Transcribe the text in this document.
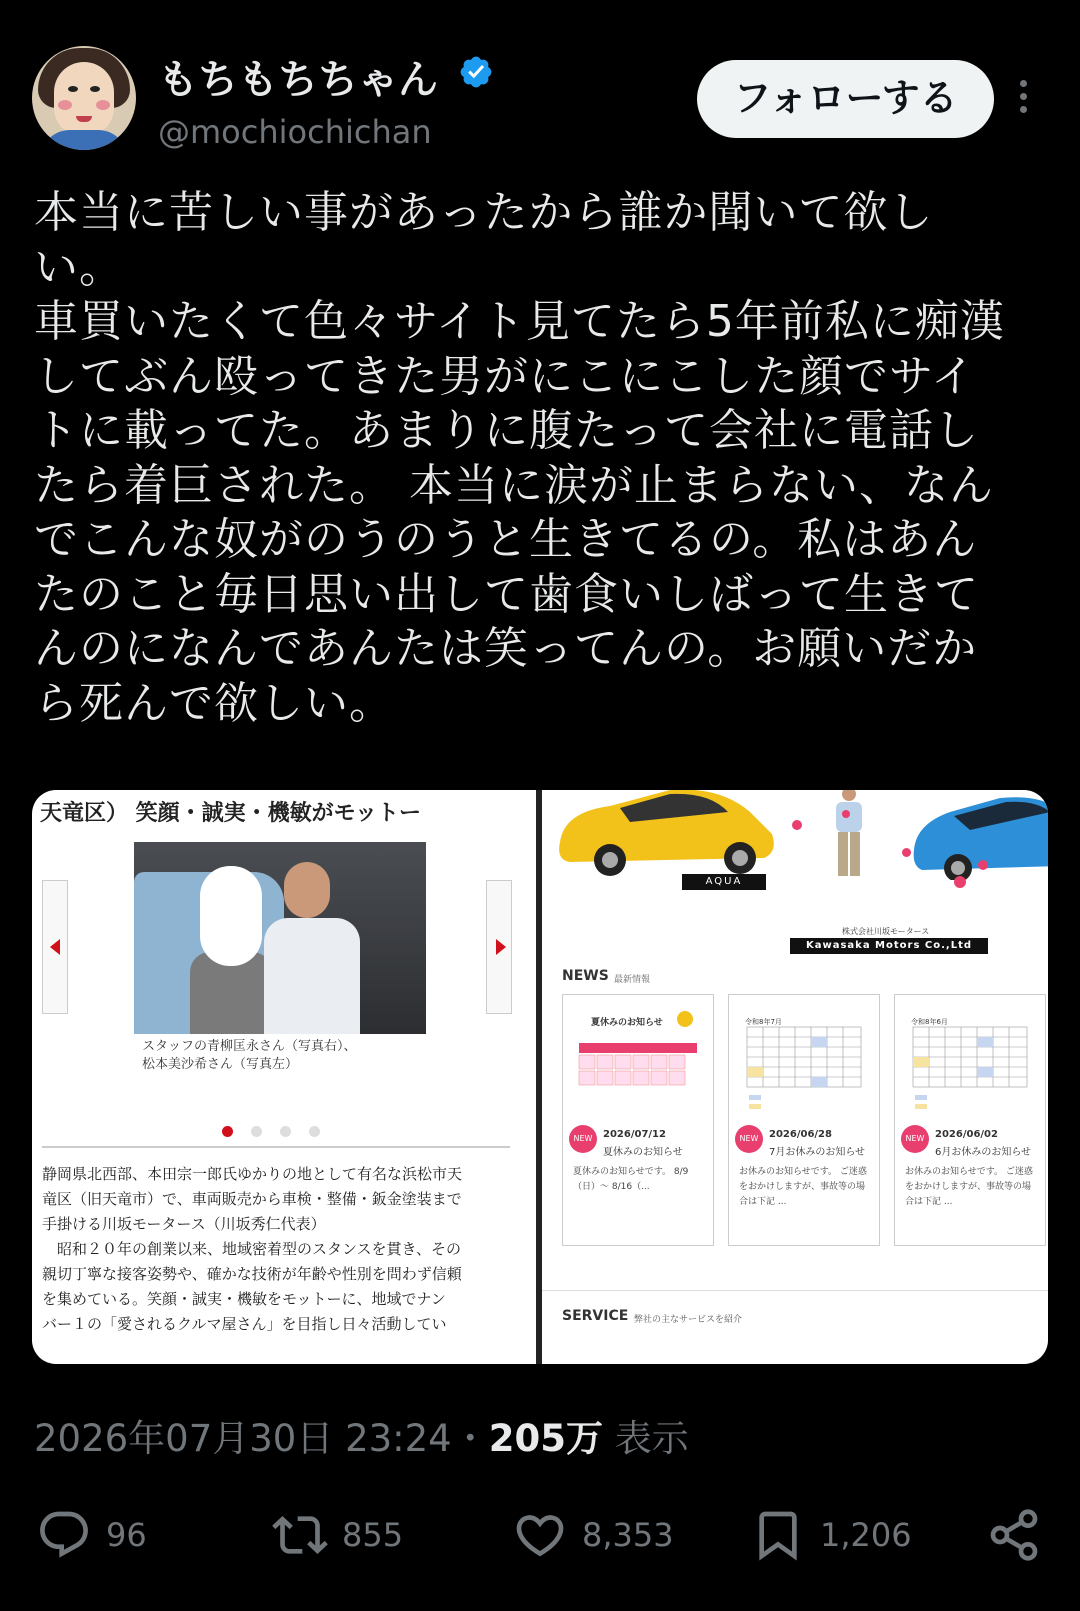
もちもちちゃん
@mochiochichan
フォローする
本当に苦しい事があったから誰か聞いて欲し
い。
車買いたくて色々サイト見てたら5年前私に痴漢
してぶん殴ってきた男がにこにこした顔でサイ
トに載ってた。あまりに腹たって会社に電話し
たら着巨された。 本当に涙が止まらない、なん
でこんな奴がのうのうと生きてるの。私はあん
たのこと毎日思い出して歯食いしばって生きて
んのになんであんたは笑ってんの。お願いだか
ら死んで欲しい。
天竜区） 笑顔・誠実・機敏がモットー
スタッフの青柳匡永さん（写真右）、
松本美沙希さん（写真左）
静岡県北西部、本田宗一郎氏ゆかりの地として有名な浜松市天
竜区（旧天竜市）で、車両販売から車検・整備・鈑金塗装まで
手掛ける川坂モータース（川坂秀仁代表）
　昭和２０年の創業以来、地域密着型のスタンスを貫き、その
親切丁寧な接客姿勢や、確かな技術が年齢や性別を問わず信頼
を集めている。笑顔・誠実・機敏をモットーに、地域でナン
バー１の「愛されるクルマ屋さん」を目指し日々活動してい
AQUA
株式会社川坂モータース
Kawasaka Motors Co.,Ltd
NEWS 最新情報
夏休みのお知らせ
NEW	2026/07/12
夏休みのお知らせ
夏休みのお知らせです。 8/9（日）～ 8/16（...
令和8年7月
NEW	2026/06/28
7月お休みのお知らせ
お休みのお知らせです。 ご迷惑をおかけしますが、事故等の場合は下記 ...
令和8年6月
NEW	2026/06/02
6月お休みのお知らせ
お休みのお知らせです。 ご迷惑をおかけしますが、事故等の場合は下記 ...
SERVICE 弊社の主なサービスを紹介
2026年07月30日 23:24・205万 表示
96	855	8,353	1,206
